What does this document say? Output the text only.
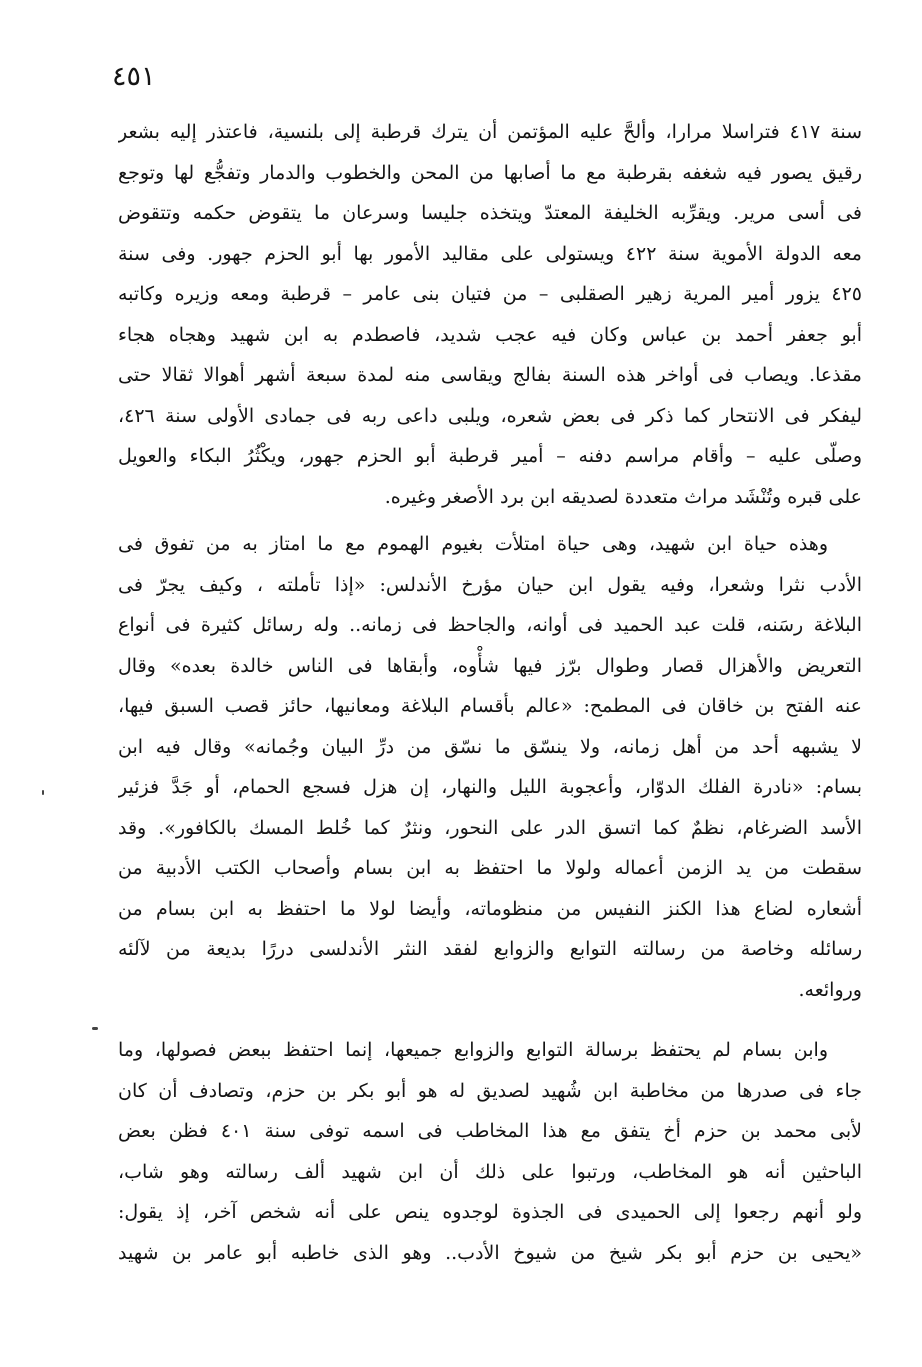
٤٥١
سنة ٤١٧ فتراسلا مرارا، وألحَّ عليه المؤتمن أن يترك قرطبة إلى بلنسية، فاعتذر إليه بشعر
رقيق يصور فيه شغفه بقرطبة مع ما أصابها من المحن والخطوب والدمار وتفجُّع لها وتوجع
فى أسى مرير. ويقرِّبه الخليفة المعتدّ ويتخذه جليسا وسرعان ما يتقوض حكمه وتتقوض
معه الدولة الأموية سنة ٤٢٢ ويستولى على مقاليد الأمور بها أبو الحزم جهور. وفى سنة
٤٢٥ يزور أمير المرية زهير الصقلبى – من فتيان بنى عامر – قرطبة ومعه وزيره وكاتبه
أبو جعفر أحمد بن عباس وكان فيه عجب شديد، فاصطدم به ابن شهيد وهجاه هجاء
مقذعا. ويصاب فى أواخر هذه السنة بفالج ويقاسى منه لمدة سبعة أشهر أهوالا ثقالا حتى
ليفكر فى الانتحار كما ذكر فى بعض شعره، ويلبى داعى ربه فى جمادى الأولى سنة ٤٢٦،
وصلّى عليه – وأقام مراسم دفنه – أمير قرطبة أبو الحزم جهور، ويكْثُرُ البكاء والعويل
على قبره وتُنْشَد مراث متعددة لصديقه ابن برد الأصغر وغيره.
وهذه حياة ابن شهيد، وهى حياة امتلأت بغيوم الهموم مع ما امتاز به من تفوق فى
الأدب نثرا وشعرا، وفيه يقول ابن حيان مؤرخ الأندلس: «إذا تأملته ، وكيف يجرّ فى
البلاغة رسَنه، قلت عبد الحميد فى أوانه، والجاحظ فى زمانه.. وله رسائل كثيرة فى أنواع
التعريض والأهزال قصار وطوال برّز فيها شأْوه، وأبقاها فى الناس خالدة بعده» وقال
عنه الفتح بن خاقان فى المطمح: «عالم بأقسام البلاغة ومعانيها، حائز قصب السبق فيها،
لا يشبهه أحد من أهل زمانه، ولا ينسّق ما نسّق من درِّ البيان وجُمانه» وقال فيه ابن
بسام: «نادرة الفلك الدوّار، وأعجوبة الليل والنهار، إن هزل فسجع الحمام، أو جَدَّ فزئير
الأسد الضرغام، نظمٌ كما اتسق الدر على النحور، ونثرٌ كما خُلط المسك بالكافور». وقد
سقطت من يد الزمن أعماله ولولا ما احتفظ به ابن بسام وأصحاب الكتب الأدبية من
أشعاره لضاع هذا الكنز النفيس من منظوماته، وأيضا لولا ما احتفظ به ابن بسام من
رسائله وخاصة من رسالته التوابع والزوابع لفقد النثر الأندلسى دررًا بديعة من لآلئه
وروائعه.
وابن بسام لم يحتفظ برسالة التوابع والزوابع جميعها، إنما احتفظ ببعض فصولها، وما
جاء فى صدرها من مخاطبة ابن شُهيد لصديق له هو أبو بكر بن حزم، وتصادف أن كان
لأبى محمد بن حزم أخ يتفق مع هذا المخاطب فى اسمه توفى سنة ٤٠١ فظن بعض
الباحثين أنه هو المخاطب، ورتبوا على ذلك أن ابن شهيد ألف رسالته وهو شاب،
ولو أنهم رجعوا إلى الحميدى فى الجذوة لوجدوه ينص على أنه شخص آخر، إذ يقول:
«يحيى بن حزم أبو بكر شيخ من شيوخ الأدب.. وهو الذى خاطبه أبو عامر بن شهيد
